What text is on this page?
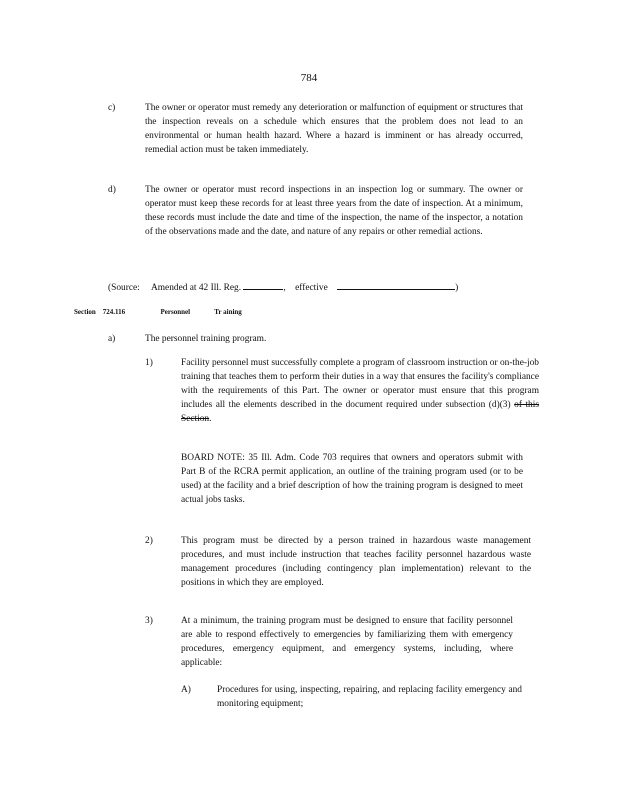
784
c)	The owner or operator must remedy any deterioration or malfunction of equipment or structures that the inspection reveals on a schedule which ensures that the problem does not lead to an environmental or human health hazard. Where a hazard is imminent or has already occurred, remedial action must be taken immediately.

d)	The owner or operator must record inspections in an inspection log or summary. The owner or operator must keep these records for at least three years from the date of inspection. At a minimum, these records must include the date and time of the inspection, the name of the inspector, a notation of the observations made and the date, and nature of any repairs or other remedial actions.

(Source: Amended at 42 Ill. Reg.	, effective	)
Section 724.116	Personnel	Tr aining
a)	The personnel training program.
1)	Facility personnel must successfully complete a program of classroom instruction or on-the-job training that teaches them to perform their duties in a way that ensures the facility's compliance with the requirements of this Part. The owner or operator must ensure that this program includes all the elements described in the document required under subsection (d)(3) of this Section.

BOARD NOTE: 35 Ill. Adm. Code 703 requires that owners and operators submit with Part B of the RCRA permit application, an outline of the training program used (or to be used) at the facility and a brief description of how the training program is designed to meet actual jobs tasks.

2)	This program must be directed by a person trained in hazardous waste management procedures, and must include instruction that teaches facility personnel hazardous waste management procedures (including contingency plan implementation) relevant to the positions in which they are employed.

3)	At a minimum, the training program must be designed to ensure that facility personnel are able to respond effectively to emergencies by familiarizing them with emergency procedures, emergency equipment, and emergency systems, including, where applicable:

A)	Procedures for using, inspecting, repairing, and replacing facility emergency and monitoring equipment;
